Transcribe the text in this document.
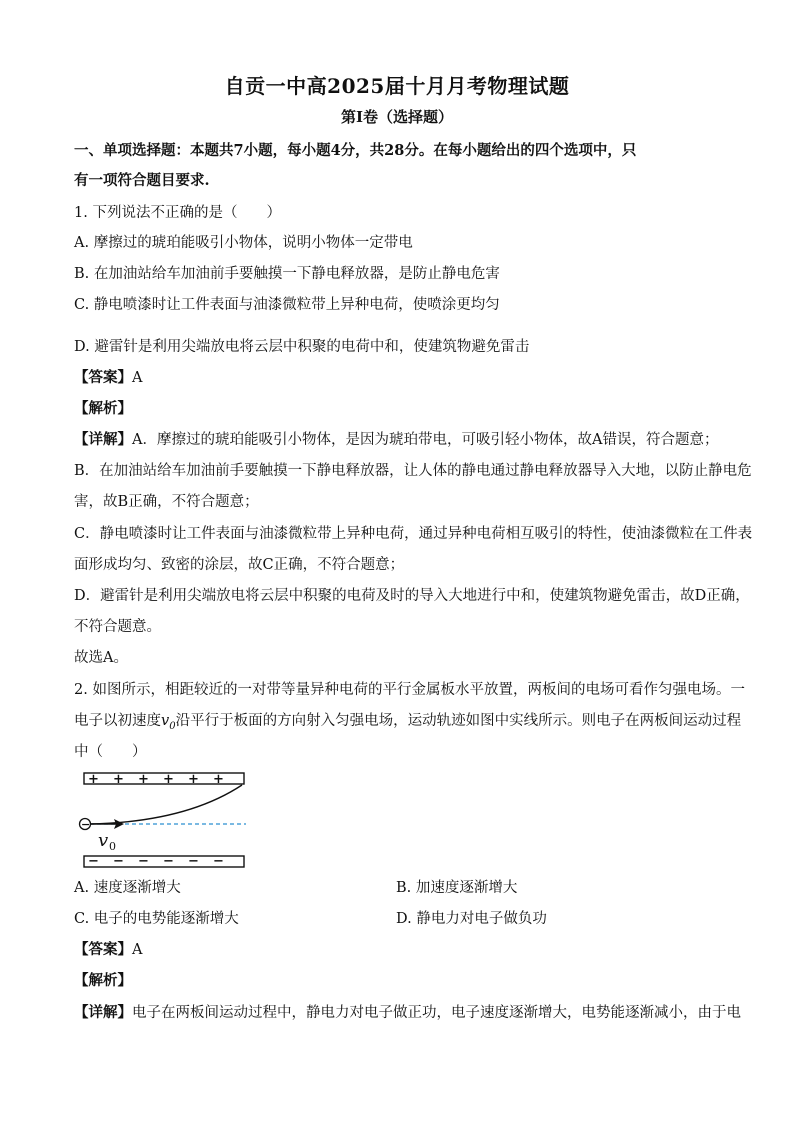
自贡一中高2025届十月月考物理试题
第Ⅰ卷（选择题）
一、单项选择题：本题共7小题，每小题4分，共28分。在每小题给出的四个选项中，只
有一项符合题目要求.
1. 下列说法不正确的是（　　）
A. 摩擦过的琥珀能吸引小物体，说明小物体一定带电
B. 在加油站给车加油前手要触摸一下静电释放器，是防止静电危害
C. 静电喷漆时让工件表面与油漆微粒带上异种电荷，使喷涂更均匀
D. 避雷针是利用尖端放电将云层中积聚的电荷中和，使建筑物避免雷击
【答案】A
【解析】
【详解】A．摩擦过的琥珀能吸引小物体，是因为琥珀带电，可吸引轻小物体，故A错误，符合题意；
B．在加油站给车加油前手要触摸一下静电释放器，让人体的静电通过静电释放器导入大地，以防止静电危
害，故B正确，不符合题意；
C．静电喷漆时让工件表面与油漆微粒带上异种电荷，通过异种电荷相互吸引的特性，使油漆微粒在工件表
面形成均匀、致密的涂层，故C正确，不符合题意；
D．避雷针是利用尖端放电将云层中积聚的电荷及时的导入大地进行中和，使建筑物避免雷击，故D正确，
不符合题意。
故选A。
2. 如图所示，相距较近的一对带等量异种电荷的平行金属板水平放置，两板间的电场可看作匀强电场。一
电子以初速度$v_0$沿平行于板面的方向射入匀强电场，运动轨迹如图中实线所示。则电子在两板间运动过程
中（　　）
+ + + + + +
− − − − − −
−
v 0
A. 速度逐渐增大	B. 加速度逐渐增大
C. 电子的电势能逐渐增大	D. 静电力对电子做负功
【答案】A
【解析】
【详解】电子在两板间运动过程中，静电力对电子做正功，电子速度逐渐增大，电势能逐渐减小，由于电
